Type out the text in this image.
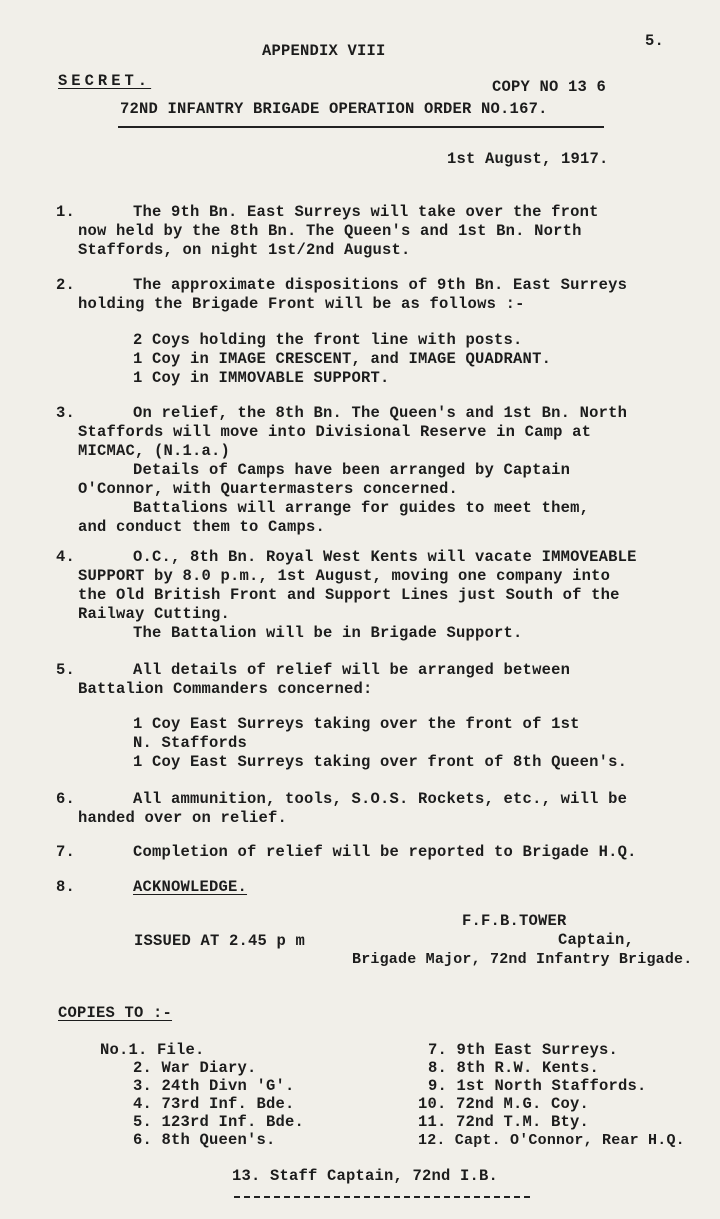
5.
APPENDIX VIII
SECRET.	COPY NO 13 6
72ND INFANTRY BRIGADE OPERATION ORDER NO.167.
1st August, 1917.
1.	The 9th Bn. East Surreys will take over the front
now held by the 8th Bn. The Queen's and 1st Bn. North
Staffords, on night 1st/2nd August.
2.	The approximate dispositions of 9th Bn. East Surreys
holding the Brigade Front will be as follows :-
2 Coys holding the front line with posts.
1 Coy in IMAGE CRESCENT, and IMAGE QUADRANT.
1 Coy in IMMOVABLE SUPPORT.
3.	On relief, the 8th Bn. The Queen's and 1st Bn. North
Staffords will move into Divisional Reserve in Camp at
MICMAC, (N.1.a.)
Details of Camps have been arranged by Captain
O'Connor, with Quartermasters concerned.
Battalions will arrange for guides to meet them,
and conduct them to Camps.
4.	O.C., 8th Bn. Royal West Kents will vacate IMMOVEABLE
SUPPORT by 8.0 p.m., 1st August, moving one company into
the Old British Front and Support Lines just South of the
Railway Cutting.
The Battalion will be in Brigade Support.
5.	All details of relief will be arranged between
Battalion Commanders concerned:
1 Coy East Surreys taking over the front of 1st
N. Staffords
1 Coy East Surreys taking over front of 8th Queen's.
6.	All ammunition, tools, S.O.S. Rockets, etc., will be
handed over on relief.
7.	Completion of relief will be reported to Brigade H.Q.
8.	ACKNOWLEDGE.
F.F.B.TOWER
ISSUED AT 2.45 p m	Captain,
Brigade Major, 72nd Infantry Brigade.
COPIES TO :-
No.1. File.
2. War Diary.
3. 24th Divn 'G'.
4. 73rd Inf. Bde.
5. 123rd Inf. Bde.
6. 8th Queen's.
7. 9th East Surreys.
8. 8th R.W. Kents.
9. 1st North Staffords.
10. 72nd M.G. Coy.
11. 72nd T.M. Bty.
12. Capt. O'Connor, Rear H.Q.
13. Staff Captain, 72nd I.B.
